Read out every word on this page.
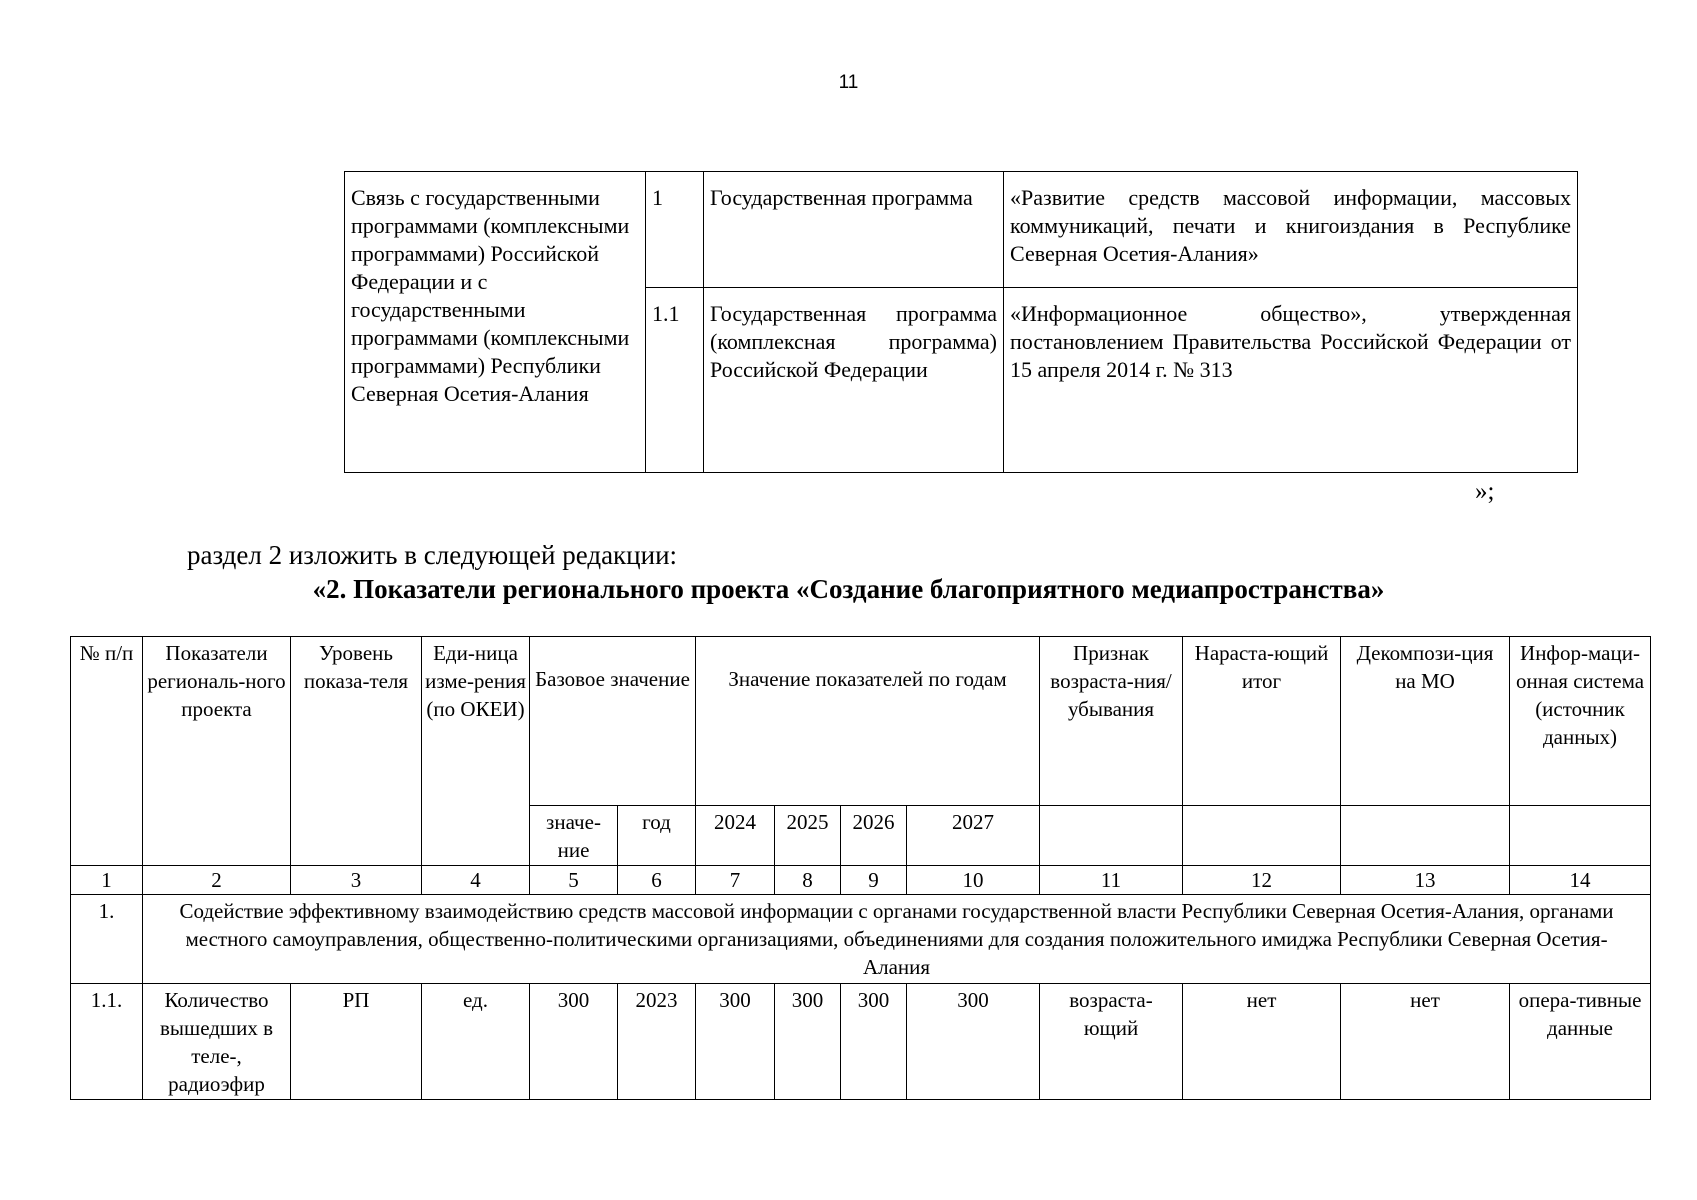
11
Связь с государственными программами (комплексными программами) Российской Федерации и с государственными программами (комплексными программами) Республики Северная Осетия-Алания	1	Государственная программа	«Развитие средств массовой информации, массовых коммуникаций, печати и книгоиздания в Республике Северная Осетия-Алания»
	1.1	Государственная программа (комплексная программа) Российской Федерации	«Информационное общество», утвержденная постановлением Правительства Российской Федерации от 15 апреля 2014 г. № 313
»;
раздел 2 изложить в следующей редакции:
«2. Показатели регионального проекта «Создание благоприятного медиапространства»
№ п/п	Показатели региональ-ного проекта	Уровень показа-теля	Еди-ница изме-рения (по ОКЕИ)	Базовое значение		Значение показателей по годам				Признак возраста-ния/ убывания	Нараста-ющий итог	Декомпози-ция на МО	Инфор-маци-онная система (источник данных)
				значе-ние	год	2024	2025	2026	2027				
1	2	3	4	5	6	7	8	9	10	11	12	13	14
1.	Содействие эффективному взаимодействию средств массовой информации с органами государственной власти Республики Северная Осетия-Алания, органами местного самоуправления, общественно-политическими организациями, объединениями для создания положительного имиджа Республики Северная Осетия-Алания												
1.1.	Количество вышедших в теле-, радиоэфир	РП	ед.	300	2023	300	300	300	300	возраста-ющий	нет	нет	опера-тивные данные
